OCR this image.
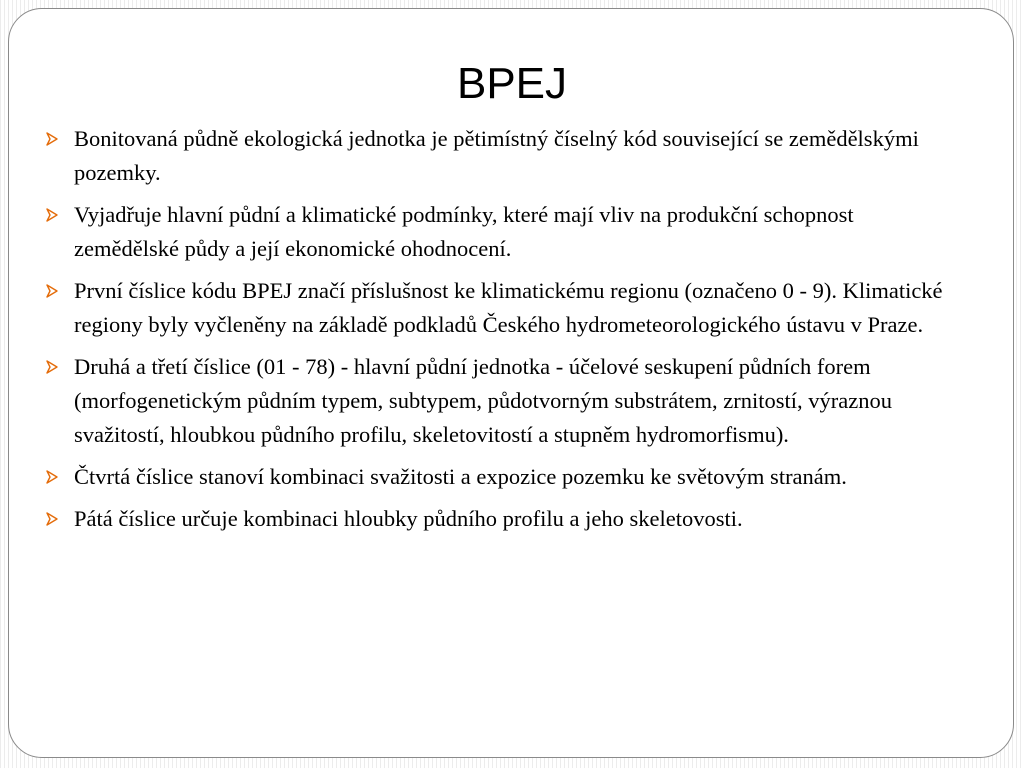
BPEJ
Bonitovaná půdně ekologická jednotka je pětimístný číselný kód související se zemědělskými pozemky.
Vyjadřuje hlavní půdní a klimatické podmínky, které mají vliv na produkční schopnost zemědělské půdy a její ekonomické ohodnocení.
První číslice kódu BPEJ značí příslušnost ke klimatickému regionu (označeno 0 - 9). Klimatické regiony byly vyčleněny na základě podkladů Českého hydrometeorologického ústavu v Praze.
Druhá a třetí číslice (01 - 78) - hlavní půdní jednotka - účelové seskupení půdních forem (morfogenetickým půdním typem, subtypem, půdotvorným substrátem, zrnitostí, výraznou svažitostí, hloubkou půdního profilu, skeletovitostí a stupněm hydromorfismu).
Čtvrtá číslice stanoví kombinaci svažitosti a expozice pozemku ke světovým stranám.
Pátá číslice určuje kombinaci hloubky půdního profilu a jeho skeletovosti.
